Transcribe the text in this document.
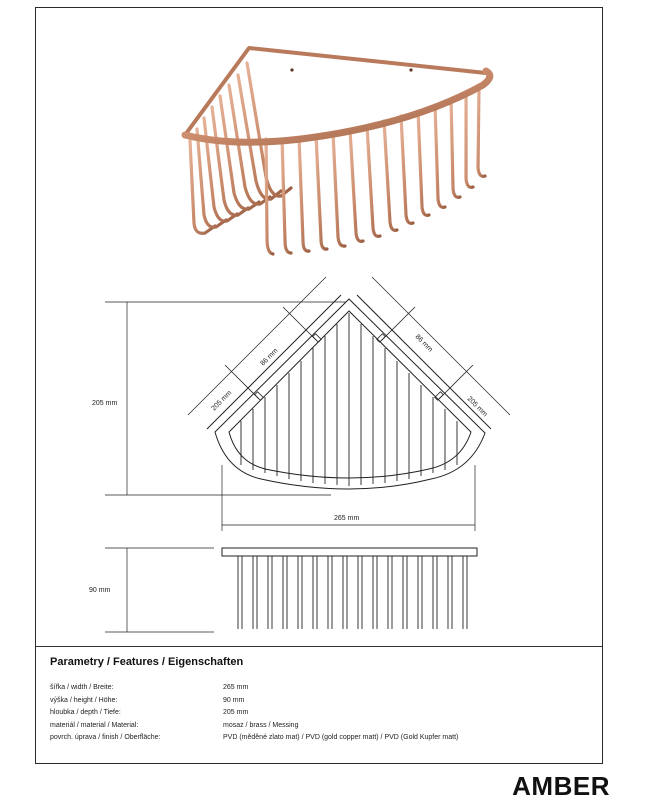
205 mm
265 mm
86 mm
205 mm
86 mm
205 mm
90 mm
Parametry / Features / Eigenschaften
šířka / width / Breite:	265 mm
výška / height / Höhe:	90 mm
hloubka / depth / Tiefe:	205 mm
materiál / material / Material:	mosaz / brass / Messing
povrch. úprava / finish / Oberfläche:	PVD (měděné zlato mat) / PVD (gold copper matt) / PVD (Gold Kupfer matt)
AMBER
